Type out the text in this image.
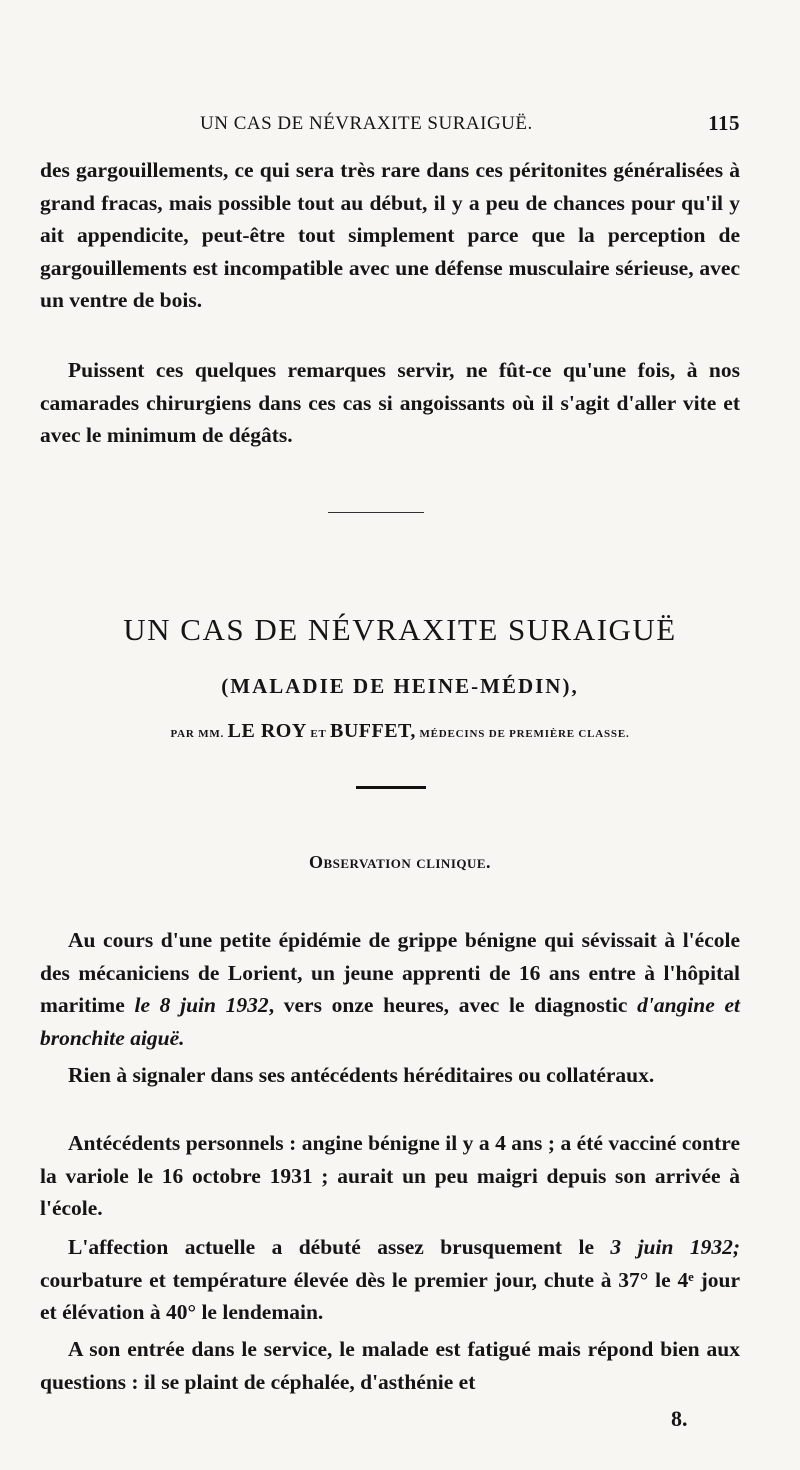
UN CAS DE NÉVRAXITE SURAIGUË.	115

des gargouillements, ce qui sera très rare dans ces péritonites généralisées à grand fracas, mais possible tout au début, il y a peu de chances pour qu'il y ait appendicite, peut-être tout simplement parce que la perception de gargouillements est incompatible avec une défense musculaire sérieuse, avec un ventre de bois.

Puissent ces quelques remarques servir, ne fût-ce qu'une fois, à nos camarades chirurgiens dans ces cas si angoissants où il s'agit d'aller vite et avec le minimum de dégâts.

UN CAS DE NÉVRAXITE SURAIGUË
(MALADIE DE HEINE-MÉDIN),
PAR MM. LE ROY ET BUFFET, MÉDECINS DE PREMIÈRE CLASSE.
Observation clinique.

Au cours d'une petite épidémie de grippe bénigne qui sévissait à l'école des mécaniciens de Lorient, un jeune apprenti de 16 ans entre à l'hôpital maritime le 8 juin 1932, vers onze heures, avec le diagnostic d'angine et bronchite aiguë.

Rien à signaler dans ses antécédents héréditaires ou collatéraux.

Antécédents personnels : angine bénigne il y a 4 ans ; a été vacciné contre la variole le 16 octobre 1931 ; aurait un peu maigri depuis son arrivée à l'école.

L'affection actuelle a débuté assez brusquement le 3 juin 1932; courbature et température élevée dès le premier jour, chute à 37° le 4ᵉ jour et élévation à 40° le lendemain.

A son entrée dans le service, le malade est fatigué mais répond bien aux questions : il se plaint de céphalée, d'asthénie et

8.
